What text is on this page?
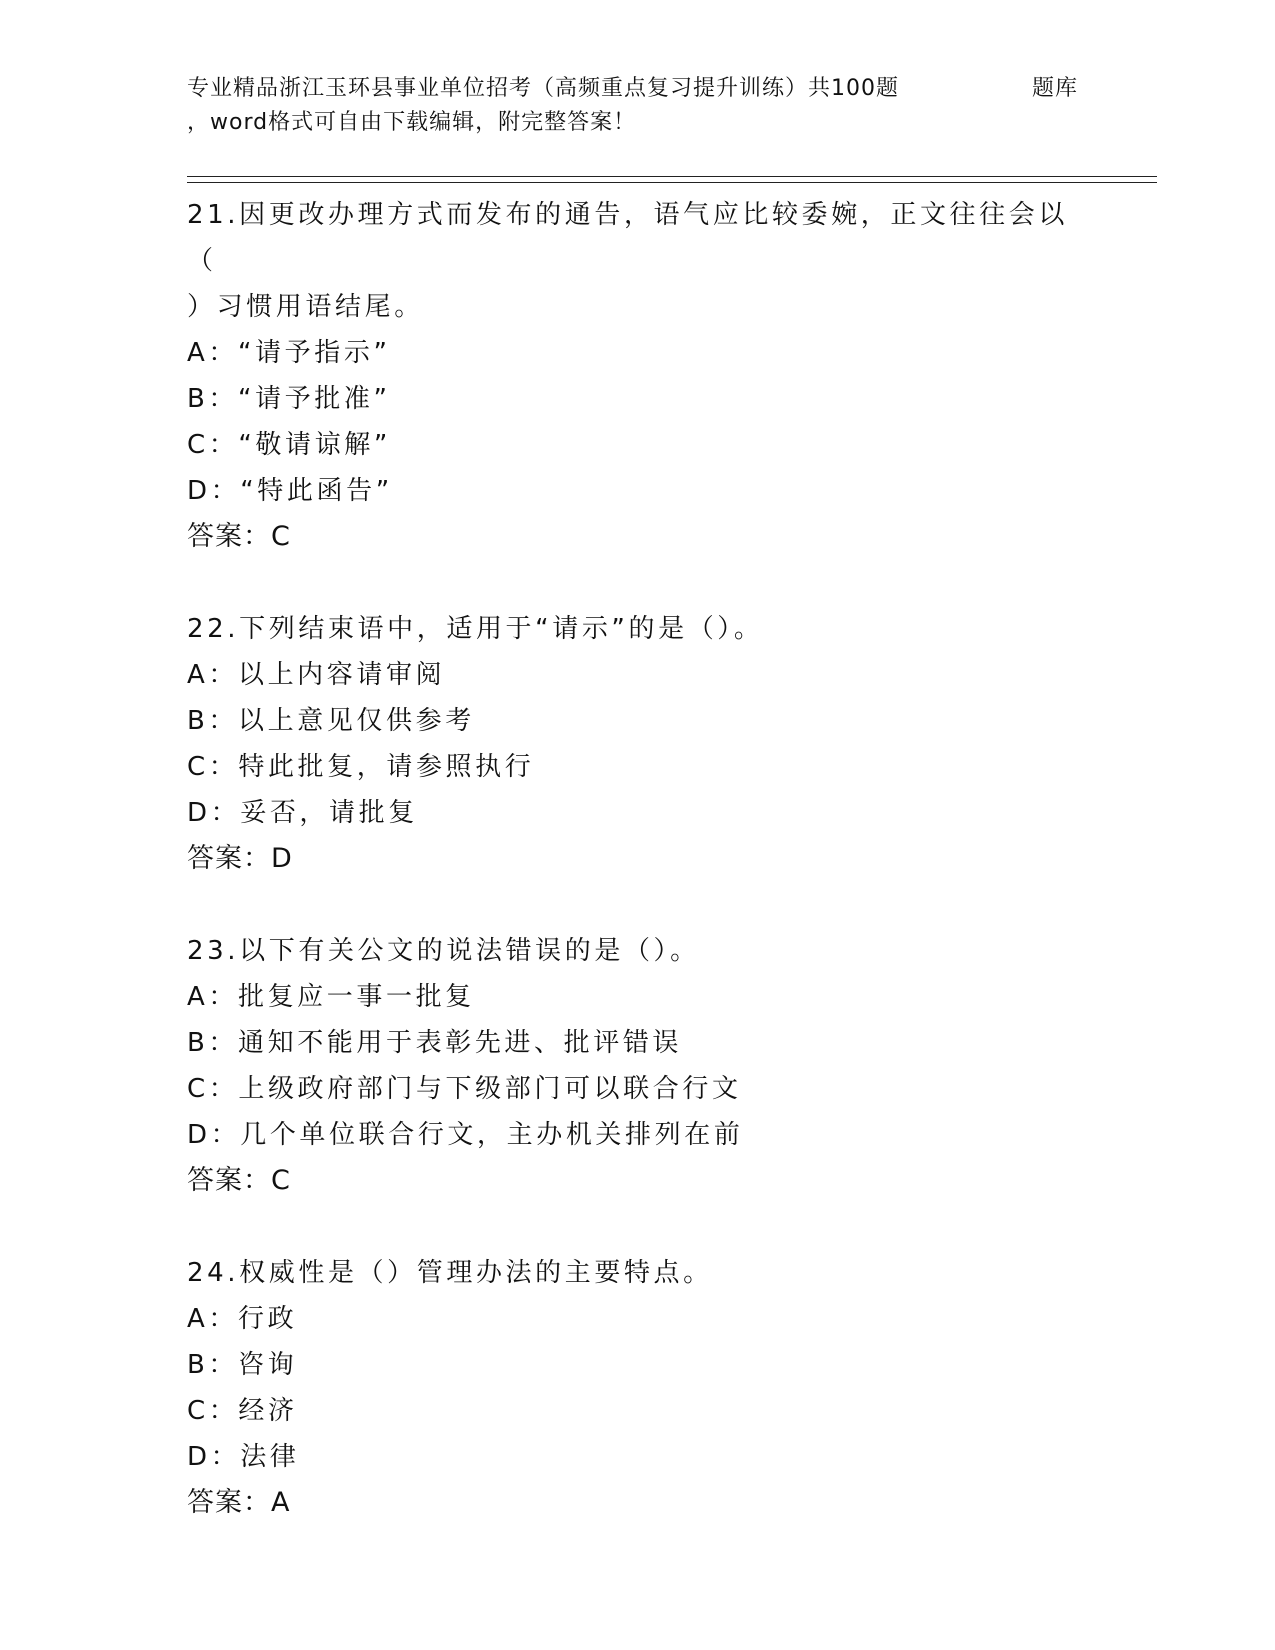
专业精品浙江玉环县事业单位招考（高频重点复习提升训练）共100题	题库
，word格式可自由下载编辑，附完整答案！
21.因更改办理方式而发布的通告，语气应比较委婉，正文往往会以（
）习惯用语结尾。
A：“请予指示”
B：“请予批准”
C：“敬请谅解”
D：“特此函告”
答案：C
22.下列结束语中，适用于“请示”的是（）。
A：以上内容请审阅
B：以上意见仅供参考
C：特此批复，请参照执行
D：妥否，请批复
答案：D
23.以下有关公文的说法错误的是（）。
A：批复应一事一批复
B：通知不能用于表彰先进、批评错误
C：上级政府部门与下级部门可以联合行文
D：几个单位联合行文，主办机关排列在前
答案：C
24.权威性是（）管理办法的主要特点。
A：行政
B：咨询
C：经济
D：法律
答案：A
